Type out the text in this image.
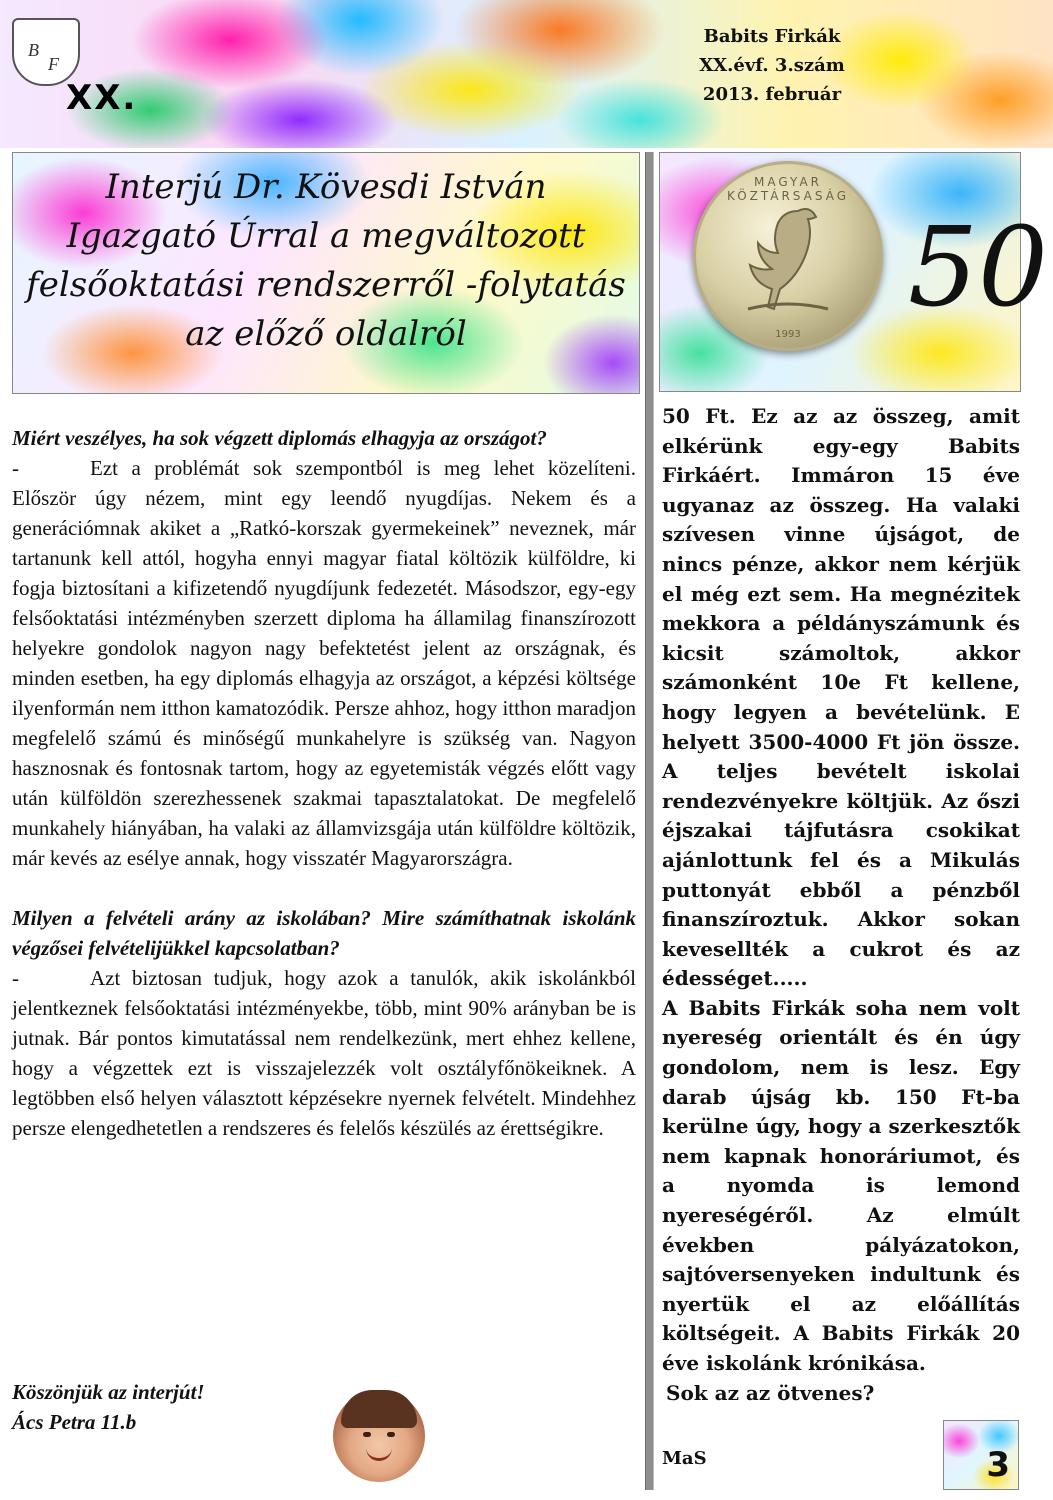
B
F
XX.
Babits Firkák
XX.évf. 3.szám
2013. február
Interjú Dr. Kövesdi István
Igazgató Úrral a megváltozott
felsőoktatási rendszerről -folytatás
az előző oldalról
MAGYAR KÖZTÁRSASÁG
1993
50

Miért veszélyes, ha sok végzett diplomás elhagyja az országot?

-	Ezt a problémát sok szempontból is meg lehet közelíteni. Először úgy nézem, mint egy leendő nyugdíjas. Nekem és a generációmnak akiket a „Ratkó-korszak gyermekeinek” neveznek, már tartanunk kell attól, hogyha ennyi magyar fiatal költözik külföldre, ki fogja biztosítani a kifizetendő nyugdíjunk fedezetét. Másodszor, egy-egy felsőoktatási intézményben szerzett diploma ha államilag finanszírozott helyekre gondolok nagyon nagy befektetést jelent az országnak, és minden esetben, ha egy diplomás elhagyja az országot, a képzési költsége ilyenformán nem itthon kamatozódik. Persze ahhoz, hogy itthon maradjon megfelelő számú és minőségű munkahelyre is szükség van. Nagyon hasznosnak és fontosnak tartom, hogy az egyetemisták végzés előtt vagy után külföldön szerezhessenek szakmai tapasztalatokat. De megfelelő munkahely hiányában, ha valaki az államvizsgája után külföldre költözik, már kevés az esélye annak, hogy visszatér Magyarországra.

Milyen a felvételi arány az iskolában? Mire számíthatnak iskolánk végzősei felvételijükkel kapcsolatban?

-	Azt biztosan tudjuk, hogy azok a tanulók, akik iskolánkból jelentkeznek felsőoktatási intézményekbe, több, mint 90% arányban be is jutnak. Bár pontos kimutatással nem rendelkezünk, mert ehhez kellene, hogy a végzettek ezt is visszajelezzék volt osztályfőnökeiknek. A legtöbben első helyen választott képzésekre nyernek felvételt. Mindehhez persze elengedhetetlen a rendszeres és felelős készülés az érettségikre.

Köszönjük az interjút!
Ács Petra 11.b

50 Ft. Ez az az összeg, amit elkérünk egy-egy Babits Firkáért. Immáron 15 éve ugyanaz az összeg. Ha valaki szívesen vinne újságot, de nincs pénze, akkor nem kérjük el még ezt sem. Ha megnézitek mekkora a példányszámunk és kicsit számoltok, akkor számonként 10e Ft kellene, hogy legyen a bevételünk. E helyett 3500-4000 Ft jön össze. A teljes bevételt iskolai rendezvényekre költjük. Az őszi éjszakai tájfutásra csokikat ajánlottunk fel és a Mikulás puttonyát ebből a pénzből finanszíroztuk. Akkor sokan kevesellték a cukrot és az édességet.....

A Babits Firkák soha nem volt nyereség orientált és én úgy gondolom, nem is lesz. Egy darab újság kb. 150 Ft-ba kerülne úgy, hogy a szerkesztők nem kapnak honoráriumot, és a nyomda is lemond nyereségéről. Az elmúlt években pályázatokon, sajtóversenyeken indultunk és nyertük el az előállítás költségeit. A Babits Firkák 20 éve iskolánk krónikása.

Sok az az ötvenes?

MaS	3
